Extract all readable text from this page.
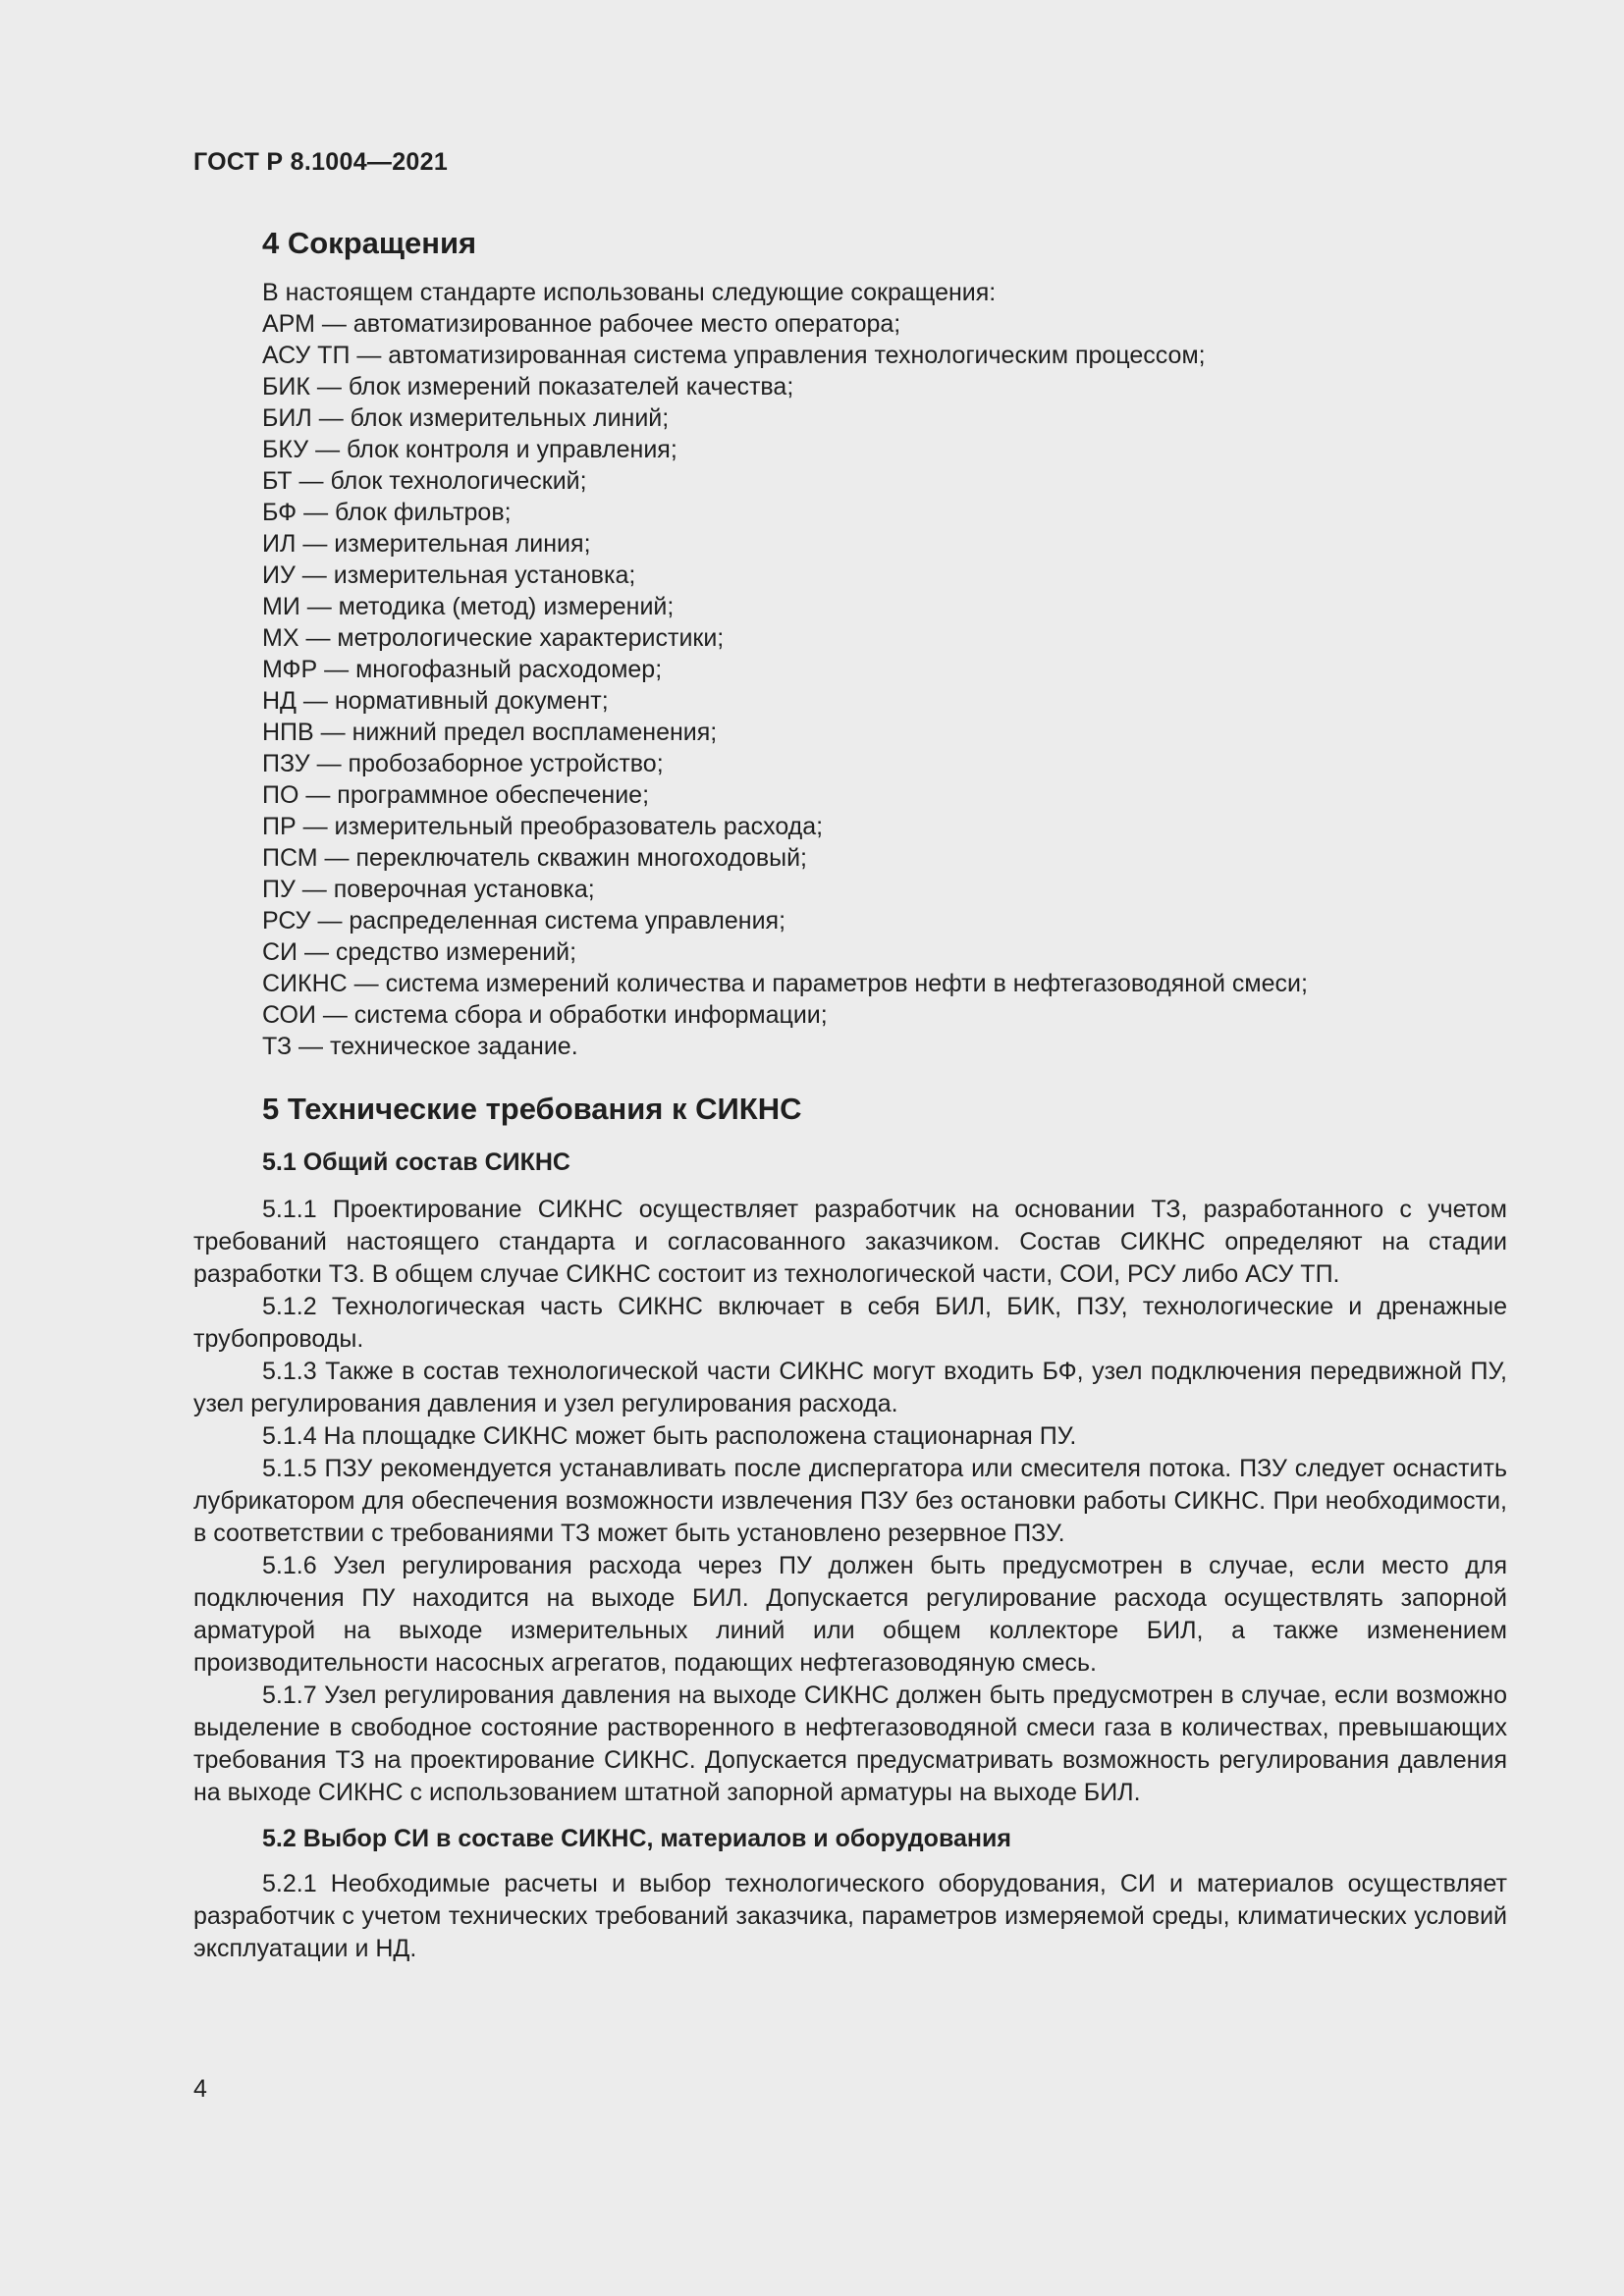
ГОСТ Р 8.1004—2021
4 Сокращения
В настоящем стандарте использованы следующие сокращения:
АРМ — автоматизированное рабочее место оператора;
АСУ ТП — автоматизированная система управления технологическим процессом;
БИК — блок измерений показателей качества;
БИЛ — блок измерительных линий;
БКУ — блок контроля и управления;
БТ — блок технологический;
БФ — блок фильтров;
ИЛ — измерительная линия;
ИУ — измерительная установка;
МИ — методика (метод) измерений;
МХ — метрологические характеристики;
МФР — многофазный расходомер;
НД — нормативный документ;
НПВ — нижний предел воспламенения;
ПЗУ — пробозаборное устройство;
ПО — программное обеспечение;
ПР — измерительный преобразователь расхода;
ПСМ — переключатель скважин многоходовый;
ПУ — поверочная установка;
РСУ — распределенная система управления;
СИ — средство измерений;
СИКНС — система измерений количества и параметров нефти в нефтегазоводяной смеси;
СОИ — система сбора и обработки информации;
ТЗ — техническое задание.
5 Технические требования к СИКНС
5.1 Общий состав СИКНС

5.1.1 Проектирование СИКНС осуществляет разработчик на основании ТЗ, разработанного с учетом требований настоящего стандарта и согласованного заказчиком. Состав СИКНС определяют на стадии разработки ТЗ. В общем случае СИКНС состоит из технологической части, СОИ, РСУ либо АСУ ТП.

5.1.2 Технологическая часть СИКНС включает в себя БИЛ, БИК, ПЗУ, технологические и дренажные трубопроводы.

5.1.3 Также в состав технологической части СИКНС могут входить БФ, узел подключения передвижной ПУ, узел регулирования давления и узел регулирования расхода.

5.1.4 На площадке СИКНС может быть расположена стационарная ПУ.

5.1.5 ПЗУ рекомендуется устанавливать после диспергатора или смесителя потока. ПЗУ следует оснастить лубрикатором для обеспечения возможности извлечения ПЗУ без остановки работы СИКНС. При необходимости, в соответствии с требованиями ТЗ может быть установлено резервное ПЗУ.

5.1.6 Узел регулирования расхода через ПУ должен быть предусмотрен в случае, если место для подключения ПУ находится на выходе БИЛ. Допускается регулирование расхода осуществлять запорной арматурой на выходе измерительных линий или общем коллекторе БИЛ, а также изменением производительности насосных агрегатов, подающих нефтегазоводяную смесь.

5.1.7 Узел регулирования давления на выходе СИКНС должен быть предусмотрен в случае, если возможно выделение в свободное состояние растворенного в нефтегазоводяной смеси газа в количествах, превышающих требования ТЗ на проектирование СИКНС. Допускается предусматривать возможность регулирования давления на выходе СИКНС с использованием штатной запорной арматуры на выходе БИЛ.

5.2 Выбор СИ в составе СИКНС, материалов и оборудования

5.2.1 Необходимые расчеты и выбор технологического оборудования, СИ и материалов осуществляет разработчик с учетом технических требований заказчика, параметров измеряемой среды, климатических условий эксплуатации и НД.

4
